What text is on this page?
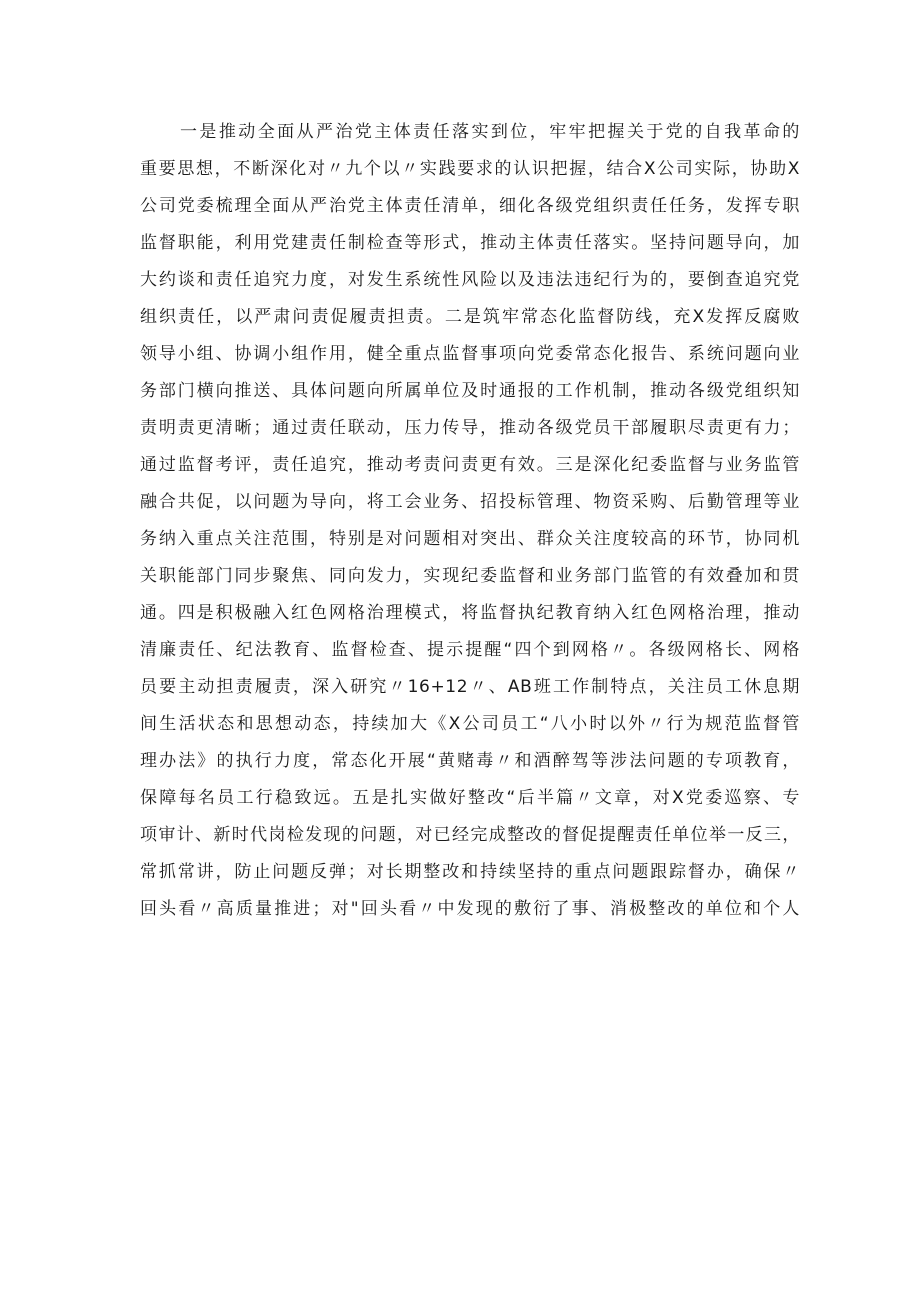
一是推动全面从严治党主体责任落实到位，牢牢把握关于党的自我革命的
重要思想，不断深化对〃九个以〃实践要求的认识把握，结合X公司实际，协助X
公司党委梳理全面从严治党主体责任清单，细化各级党组织责任任务，发挥专职
监督职能，利用党建责任制检查等形式，推动主体责任落实。坚持问题导向，加
大约谈和责任追究力度，对发生系统性风险以及违法违纪行为的，要倒查追究党
组织责任，以严肃问责促履责担责。二是筑牢常态化监督防线，充X发挥反腐败
领导小组、协调小组作用，健全重点监督事项向党委常态化报告、系统问题向业
务部门横向推送、具体问题向所属单位及时通报的工作机制，推动各级党组织知
责明责更清晰；通过责任联动，压力传导，推动各级党员干部履职尽责更有力；
通过监督考评，责任追究，推动考责问责更有效。三是深化纪委监督与业务监管
融合共促，以问题为导向，将工会业务、招投标管理、物资采购、后勤管理等业
务纳入重点关注范围，特别是对问题相对突出、群众关注度较高的环节，协同机
关职能部门同步聚焦、同向发力，实现纪委监督和业务部门监管的有效叠加和贯
通。四是积极融入红色网格治理模式，将监督执纪教育纳入红色网格治理，推动
清廉责任、纪法教育、监督检查、提示提醒“四个到网格〃。各级网格长、网格
员要主动担责履责，深入研究〃16+12〃、AB班工作制特点，关注员工休息期
间生活状态和思想动态，持续加大《X公司员工“八小时以外〃行为规范监督管
理办法》的执行力度，常态化开展“黄赌毒〃和酒醉驾等涉法问题的专项教育，
保障每名员工行稳致远。五是扎实做好整改“后半篇〃文章，对X党委巡察、专
项审计、新时代岗检发现的问题，对已经完成整改的督促提醒责任单位举一反三，
常抓常讲，防止问题反弹；对长期整改和持续坚持的重点问题跟踪督办，确保〃
回头看〃高质量推进；对"回头看〃中发现的敷衍了事、消极整改的单位和个人
